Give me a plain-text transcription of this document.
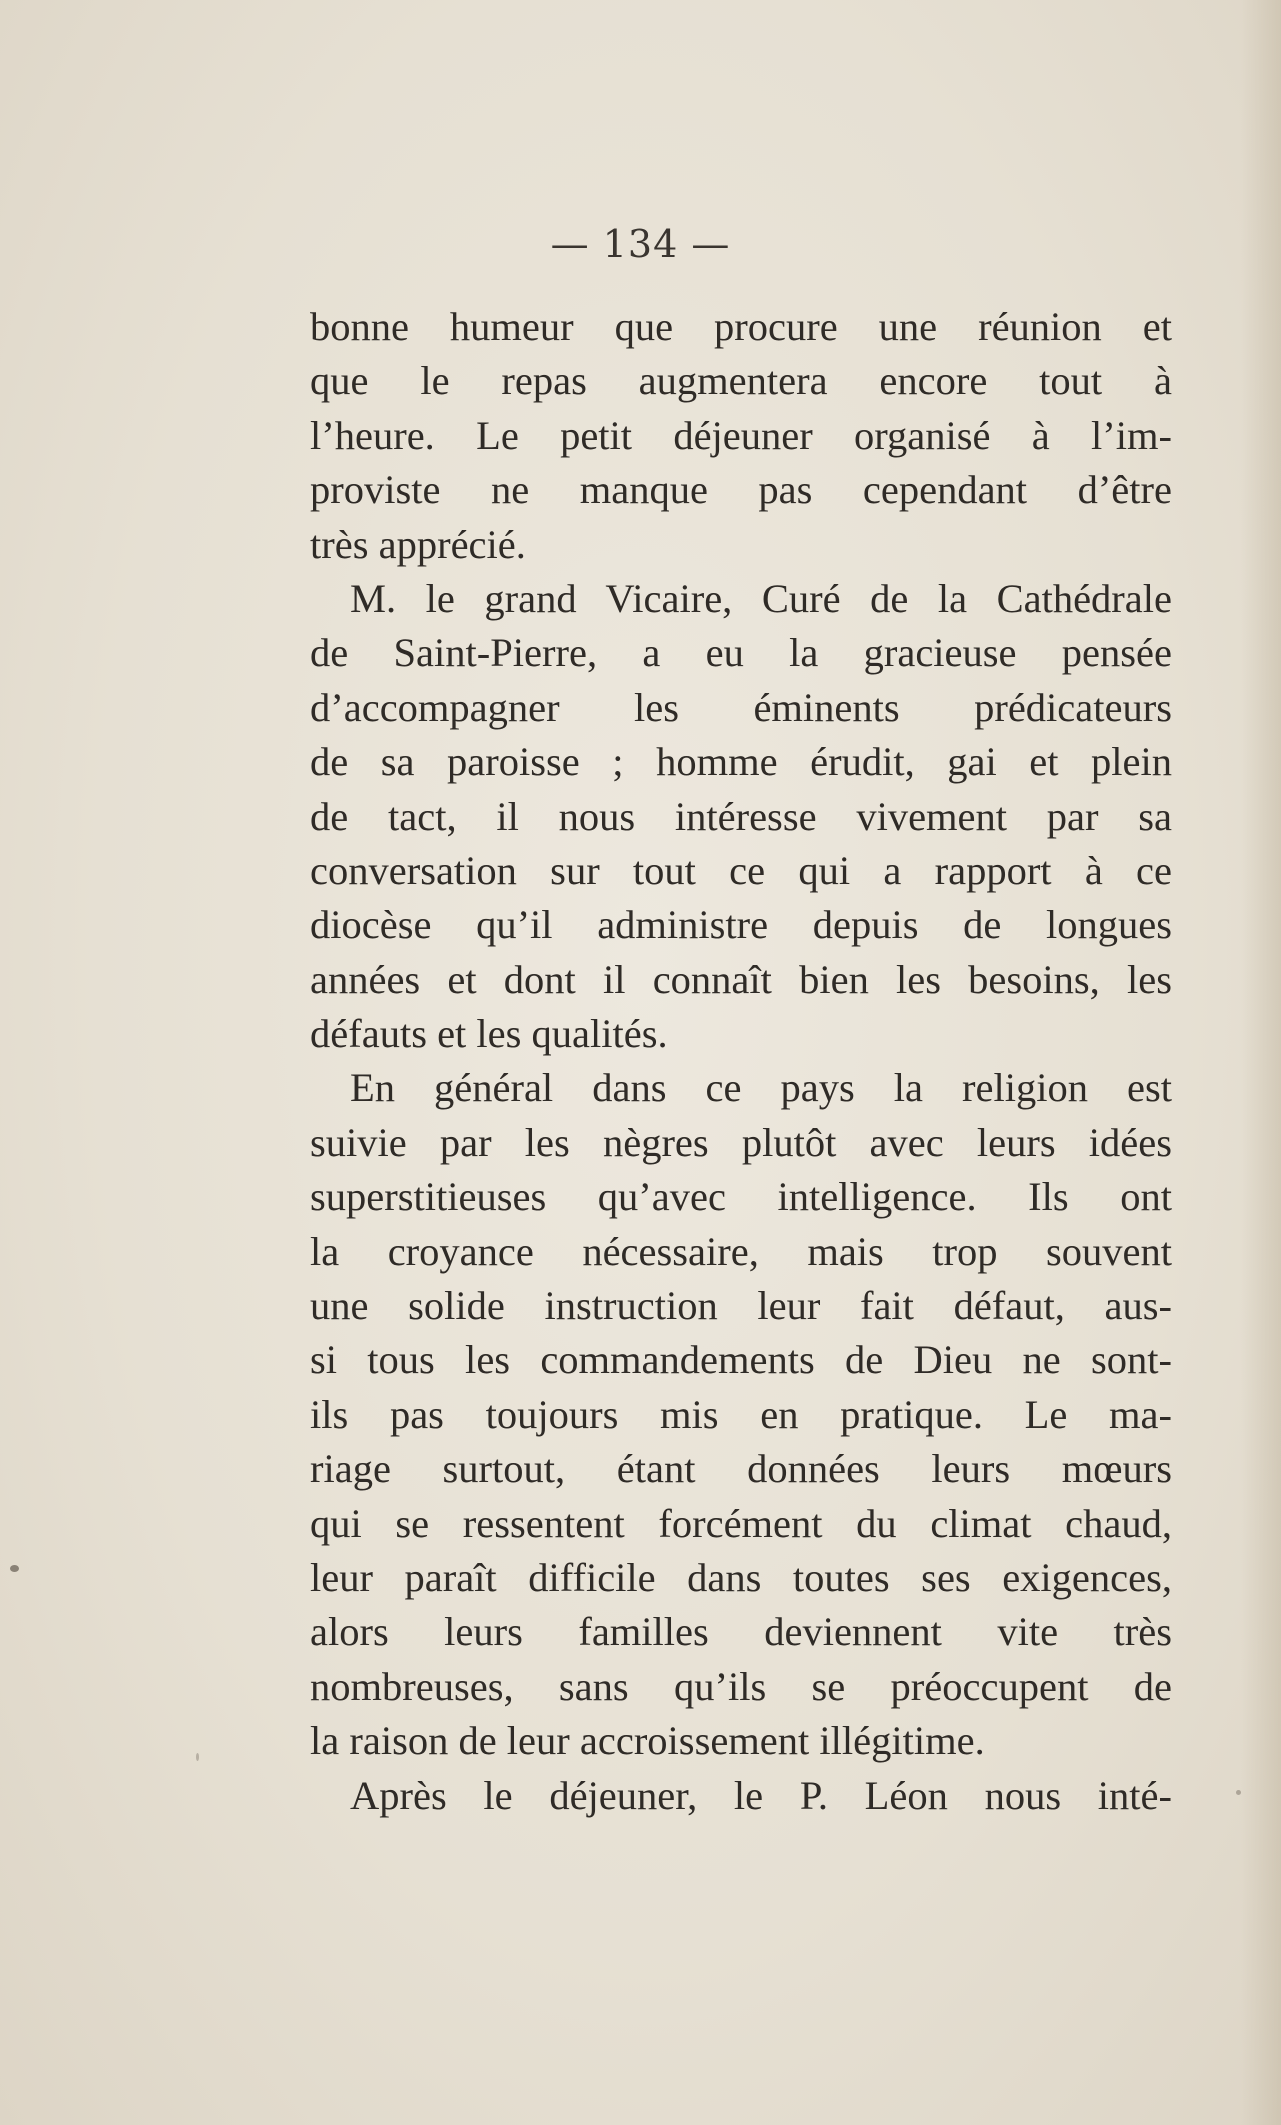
— 134 —
bonne humeur que procure une réunion et
que le repas augmentera encore tout à
l’heure. Le petit déjeuner organisé à l’im-
proviste ne manque pas cependant d’être
très apprécié.
M. le grand Vicaire, Curé de la Cathédrale
de Saint-Pierre, a eu la gracieuse pensée
d’accompagner les éminents prédicateurs
de sa paroisse ; homme érudit, gai et plein
de tact, il nous intéresse vivement par sa
conversation sur tout ce qui a rapport à ce
diocèse qu’il administre depuis de longues
années et dont il connaît bien les besoins, les
défauts et les qualités.
En général dans ce pays la religion est
suivie par les nègres plutôt avec leurs idées
superstitieuses qu’avec intelligence. Ils ont
la croyance nécessaire, mais trop souvent
une solide instruction leur fait défaut, aus-
si tous les commandements de Dieu ne sont-
ils pas toujours mis en pratique. Le ma-
riage surtout, étant données leurs mœurs
qui se ressentent forcément du climat chaud,
leur paraît difficile dans toutes ses exigences,
alors leurs familles deviennent vite très
nombreuses, sans qu’ils se préoccupent de
la raison de leur accroissement illégitime.
Après le déjeuner, le P. Léon nous inté-
